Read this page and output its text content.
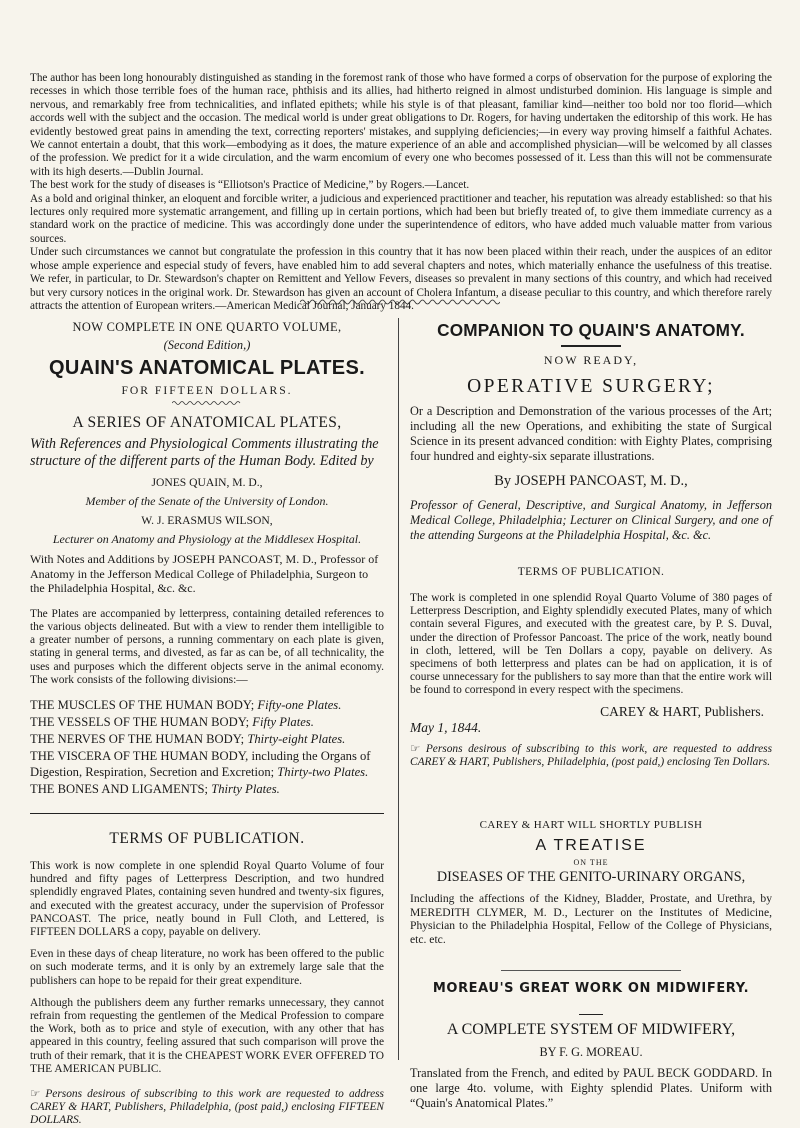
The author has been long honourably distinguished as standing in the foremost rank of those who have formed a corps of observation for the purpose of exploring the recesses in which those terrible foes of the human race, phthisis and its allies, had hitherto reigned in almost undisturbed dominion. His language is simple and nervous, and remarkably free from technicalities, and inflated epithets; while his style is of that pleasant, familiar kind—neither too bold nor too florid—which accords well with the subject and the occasion. The medical world is under great obligations to Dr. Rogers, for having undertaken the editorship of this work. He has evidently bestowed great pains in amending the text, correcting reporters' mistakes, and supplying deficiencies;—in every way proving himself a faithful Achates. We cannot entertain a doubt, that this work—embodying as it does, the mature experience of an able and accomplished physician—will be welcomed by all classes of the profession. We predict for it a wide circulation, and the warm encomium of every one who becomes possessed of it. Less than this will not be commensurate with its high deserts.—Dublin Journal.

The best work for the study of diseases is “Elliotson's Practice of Medicine,” by Rogers.—Lancet.

As a bold and original thinker, an eloquent and forcible writer, a judicious and experienced practitioner and teacher, his reputation was already established: so that his lectures only required more systematic arrangement, and filling up in certain portions, which had been but briefly treated of, to give them immediate currency as a standard work on the practice of medicine. This was accordingly done under the superintendence of editors, who have added much valuable matter from various sources.

Under such circumstances we cannot but congratulate the profession in this country that it has now been placed within their reach, under the auspices of an editor whose ample experience and especial study of fevers, have enabled him to add several chapters and notes, which materially enhance the usefulness of this treatise. We refer, in particular, to Dr. Stewardson's chapter on Remittent and Yellow Fevers, diseases so prevalent in many sections of this country, and which had received but very cursory notices in the original work. Dr. Stewardson has given an account of Cholera Infantum, a disease peculiar to this country, and which therefore rarely attracts the attention of European writers.—American Medical Journal, January 1844.

NOW COMPLETE IN ONE QUARTO VOLUME,
(Second Edition,)
QUAIN'S ANATOMICAL PLATES.
FOR FIFTEEN DOLLARS.
A SERIES OF ANATOMICAL PLATES,
With References and Physiological Comments illustrating the structure of the different parts of the Human Body. Edited by
JONES QUAIN, M. D.,
Member of the Senate of the University of London.
W. J. ERASMUS WILSON,
Lecturer on Anatomy and Physiology at the Middlesex Hospital.
With Notes and Additions by JOSEPH PANCOAST, M. D., Professor of Anatomy in the Jefferson Medical College of Philadelphia, Surgeon to the Philadelphia Hospital, &c. &c.

The Plates are accompanied by letterpress, containing detailed references to the various objects delineated. But with a view to render them intelligible to a greater number of persons, a running commentary on each plate is given, stating in general terms, and divested, as far as can be, of all technicality, the uses and purposes which the different objects serve in the animal economy. The work consists of the following divisions:—

THE MUSCLES OF THE HUMAN BODY; Fifty-one Plates.
THE VESSELS OF THE HUMAN BODY; Fifty Plates.
THE NERVES OF THE HUMAN BODY; Thirty-eight Plates.
THE VISCERA OF THE HUMAN BODY, including the Organs of Digestion, Respiration, Secretion and Excretion; Thirty-two Plates.
THE BONES AND LIGAMENTS; Thirty Plates.
TERMS OF PUBLICATION.

This work is now complete in one splendid Royal Quarto Volume of four hundred and fifty pages of Letterpress Description, and two hundred splendidly engraved Plates, containing seven hundred and twenty-six figures, and executed with the greatest accuracy, under the supervision of Professor PANCOAST. The price, neatly bound in Full Cloth, and Lettered, is FIFTEEN DOLLARS a copy, payable on delivery.

Even in these days of cheap literature, no work has been offered to the public on such moderate terms, and it is only by an extremely large sale that the publishers can hope to be repaid for their great expenditure.

Although the publishers deem any further remarks unnecessary, they cannot refrain from requesting the gentlemen of the Medical Profession to compare the Work, both as to price and style of execution, with any other that has appeared in this country, feeling assured that such comparison will prove the truth of their remark, that it is the CHEAPEST WORK EVER OFFERED TO THE AMERICAN PUBLIC.

☞ Persons desirous of subscribing to this work are requested to address CAREY & HART, Publishers, Philadelphia, (post paid,) enclosing FIFTEEN DOLLARS.

COMPANION TO QUAIN'S ANATOMY.
NOW READY,
OPERATIVE SURGERY;
Or a Description and Demonstration of the various processes of the Art; including all the new Operations, and exhibiting the state of Surgical Science in its present advanced condition: with Eighty Plates, comprising four hundred and eighty-six separate illustrations.
By JOSEPH PANCOAST, M. D.,
Professor of General, Descriptive, and Surgical Anatomy, in Jefferson Medical College, Philadelphia; Lecturer on Clinical Surgery, and one of the attending Surgeons at the Philadelphia Hospital, &c. &c.
TERMS OF PUBLICATION.

The work is completed in one splendid Royal Quarto Volume of 380 pages of Letterpress Description, and Eighty splendidly executed Plates, many of which contain several Figures, and executed with the greatest care, by P. S. Duval, under the direction of Professor Pancoast. The price of the work, neatly bound in cloth, lettered, will be Ten Dollars a copy, payable on delivery. As specimens of both letterpress and plates can be had on application, it is of course unnecessary for the publishers to say more than that the entire work will be found to correspond in every respect with the specimens.

CAREY & HART, Publishers.
May 1, 1844.

☞ Persons desirous of subscribing to this work, are requested to address CAREY & HART, Publishers, Philadelphia, (post paid,) enclosing Ten Dollars.

CAREY & HART WILL SHORTLY PUBLISH
A TREATISE
ON THE
DISEASES OF THE GENITO-URINARY ORGANS,
Including the affections of the Kidney, Bladder, Prostate, and Urethra, by MEREDITH CLYMER, M. D., Lecturer on the Institutes of Medicine, Physician to the Philadelphia Hospital, Fellow of the College of Physicians, etc. etc.
MOREAU'S GREAT WORK ON MIDWIFERY.
A COMPLETE SYSTEM OF MIDWIFERY,
BY F. G. MOREAU.
Translated from the French, and edited by PAUL BECK GODDARD. In one large 4to. volume, with Eighty splendid Plates. Uniform with “Quain's Anatomical Plates.”
